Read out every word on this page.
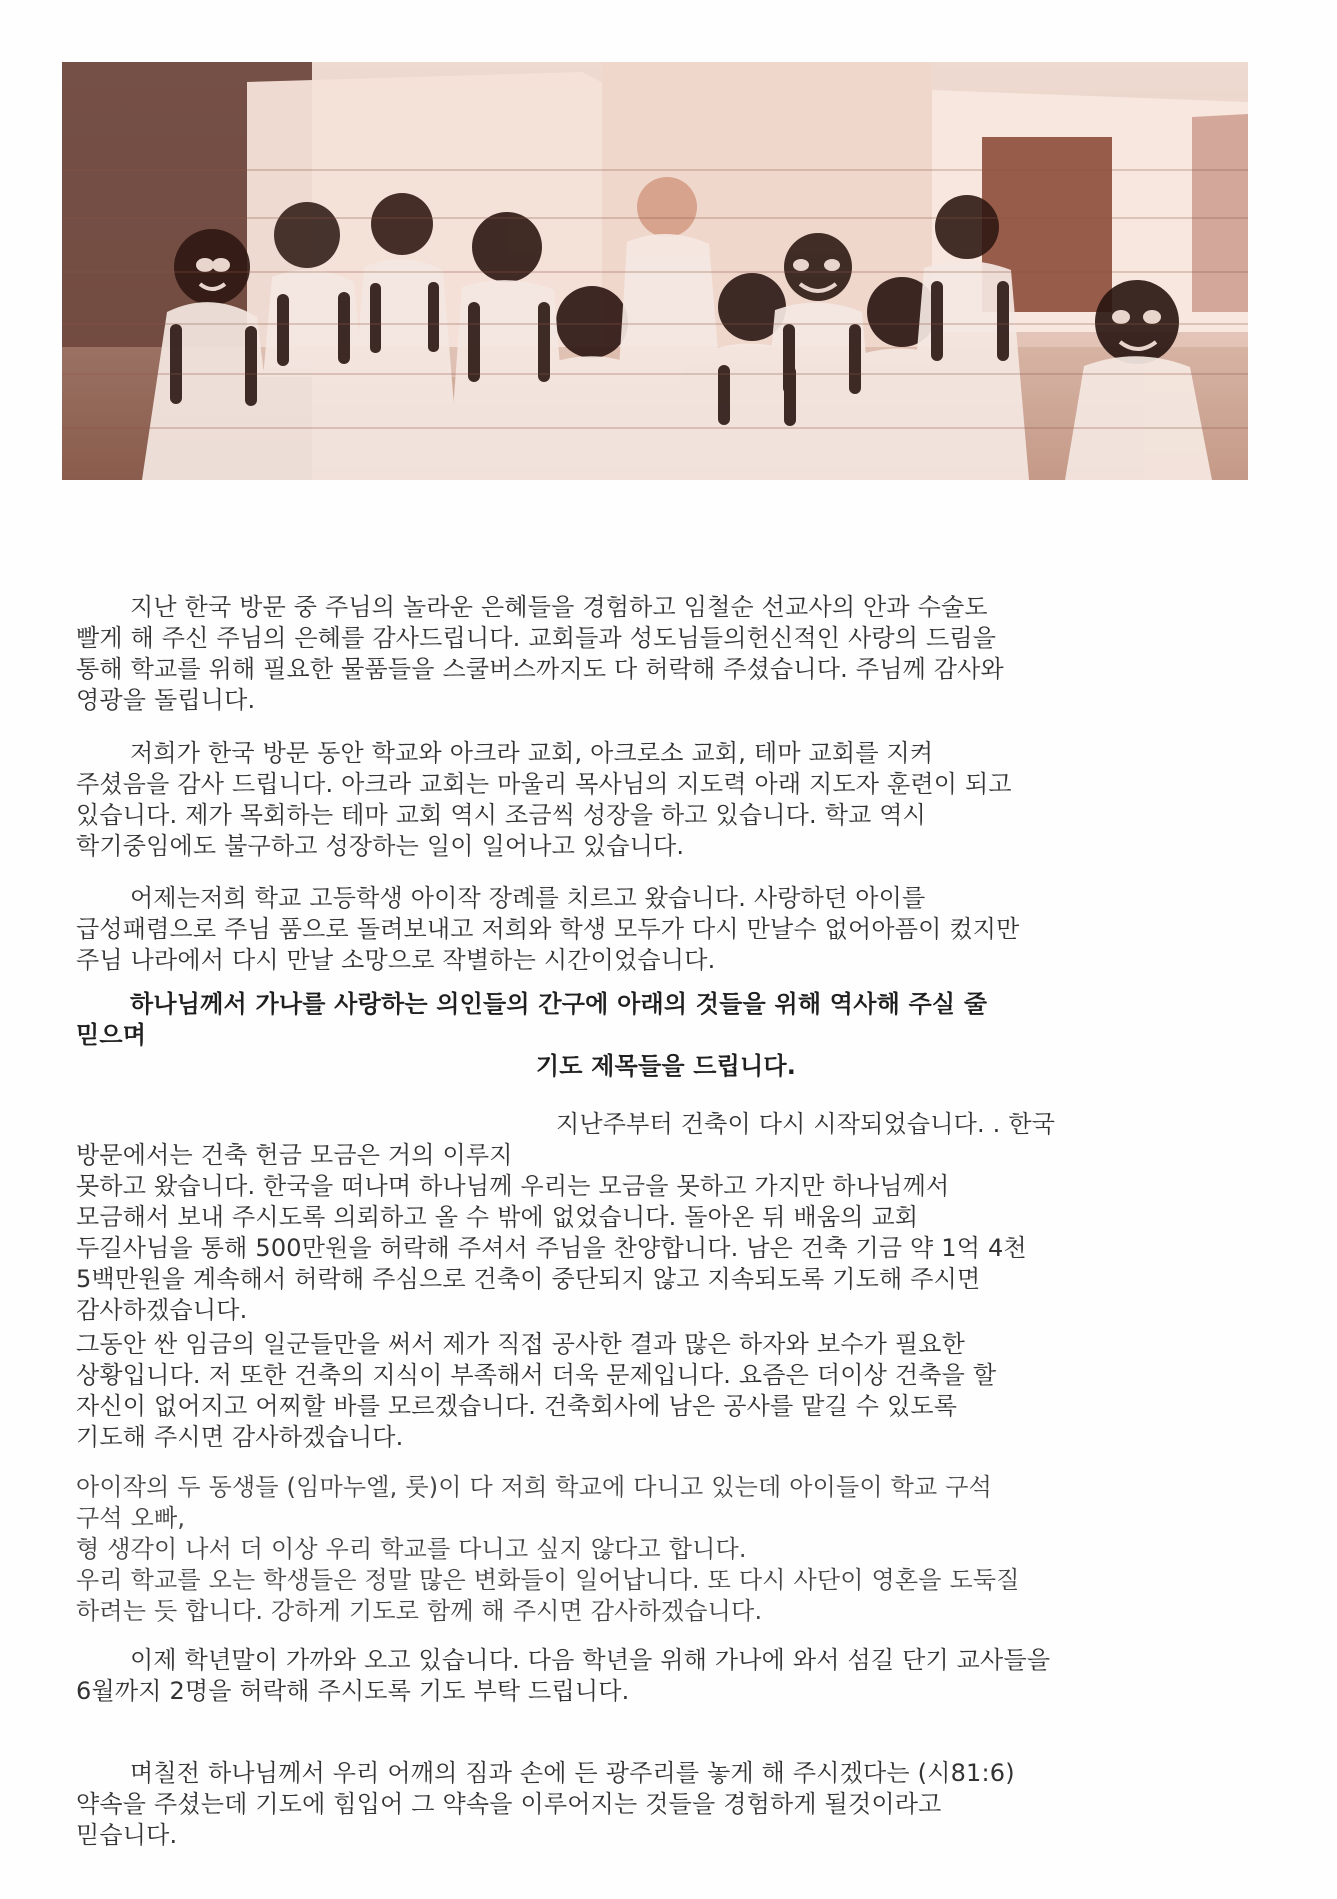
지난 한국 방문 중 주님의 놀라운 은혜들을 경험하고 임철순 선교사의 안과 수술도
빨게 해 주신 주님의 은혜를 감사드립니다. 교회들과 성도님들의헌신적인 사랑의 드림을
통해 학교를 위해 필요한 물품들을 스쿨버스까지도 다 허락해 주셨습니다. 주님께 감사와
영광을 돌립니다.

저희가 한국 방문 동안 학교와 아크라 교회, 아크로소 교회, 테마 교회를 지켜
주셨음을 감사 드립니다. 아크라 교회는 마울리 목사님의 지도력 아래 지도자 훈련이 되고
있습니다. 제가 목회하는 테마 교회 역시 조금씩 성장을 하고 있습니다. 학교 역시
학기중임에도 불구하고 성장하는 일이 일어나고 있습니다.

어제는저희 학교 고등학생 아이작 장례를 치르고 왔습니다. 사랑하던 아이를
급성패렴으로 주님 품으로 돌려보내고 저희와 학생 모두가 다시 만날수 없어아픔이 컸지만
주님 나라에서 다시 만날 소망으로 작별하는 시간이었습니다.

하나님께서 가나를 사랑하는 의인들의 간구에 아래의 것들을 위해 역사해 주실 줄
믿으며

기도 제목들을 드립니다.

지난주부터 건축이 다시 시작되었습니다. . 한국
방문에서는 건축 헌금 모금은 거의 이루지
못하고 왔습니다. 한국을 떠나며 하나님께 우리는 모금을 못하고 가지만 하나님께서
모금해서 보내 주시도록 의뢰하고 올 수 밖에 없었습니다. 돌아온 뒤 배움의 교회
두길사님을 통해 500만원을 허락해 주셔서 주님을 찬양합니다. 남은 건축 기금 약 1억 4천
5백만원을 계속해서 허락해 주심으로 건축이 중단되지 않고 지속되도록 기도해 주시면
감사하겠습니다.

그동안 싼 임금의 일군들만을 써서 제가 직접 공사한 결과 많은 하자와 보수가 필요한
상황입니다. 저 또한 건축의 지식이 부족해서 더욱 문제입니다. 요즘은 더이상 건축을 할
자신이 없어지고 어찌할 바를 모르겠습니다. 건축회사에 남은 공사를 맡길 수 있도록
기도해 주시면 감사하겠습니다.

아이작의 두 동생들 (임마누엘, 룻)이 다 저희 학교에 다니고 있는데 아이들이 학교 구석
구석 오빠,
형 생각이 나서 더 이상 우리 학교를 다니고 싶지 않다고 합니다.
우리 학교를 오는 학생들은 정말 많은 변화들이 일어납니다. 또 다시 사단이 영혼을 도둑질
하려는 듯 합니다. 강하게 기도로 함께 해 주시면 감사하겠습니다.

이제 학년말이 가까와 오고 있습니다. 다음 학년을 위해 가나에 와서 섬길 단기 교사들을
6월까지 2명을 허락해 주시도록 기도 부탁 드립니다.

며칠전 하나님께서 우리 어깨의 짐과 손에 든 광주리를 놓게 해 주시겠다는 (시81:6)
약속을 주셨는데 기도에 힘입어 그 약속을 이루어지는 것들을 경험하게 될것이라고
믿습니다.
